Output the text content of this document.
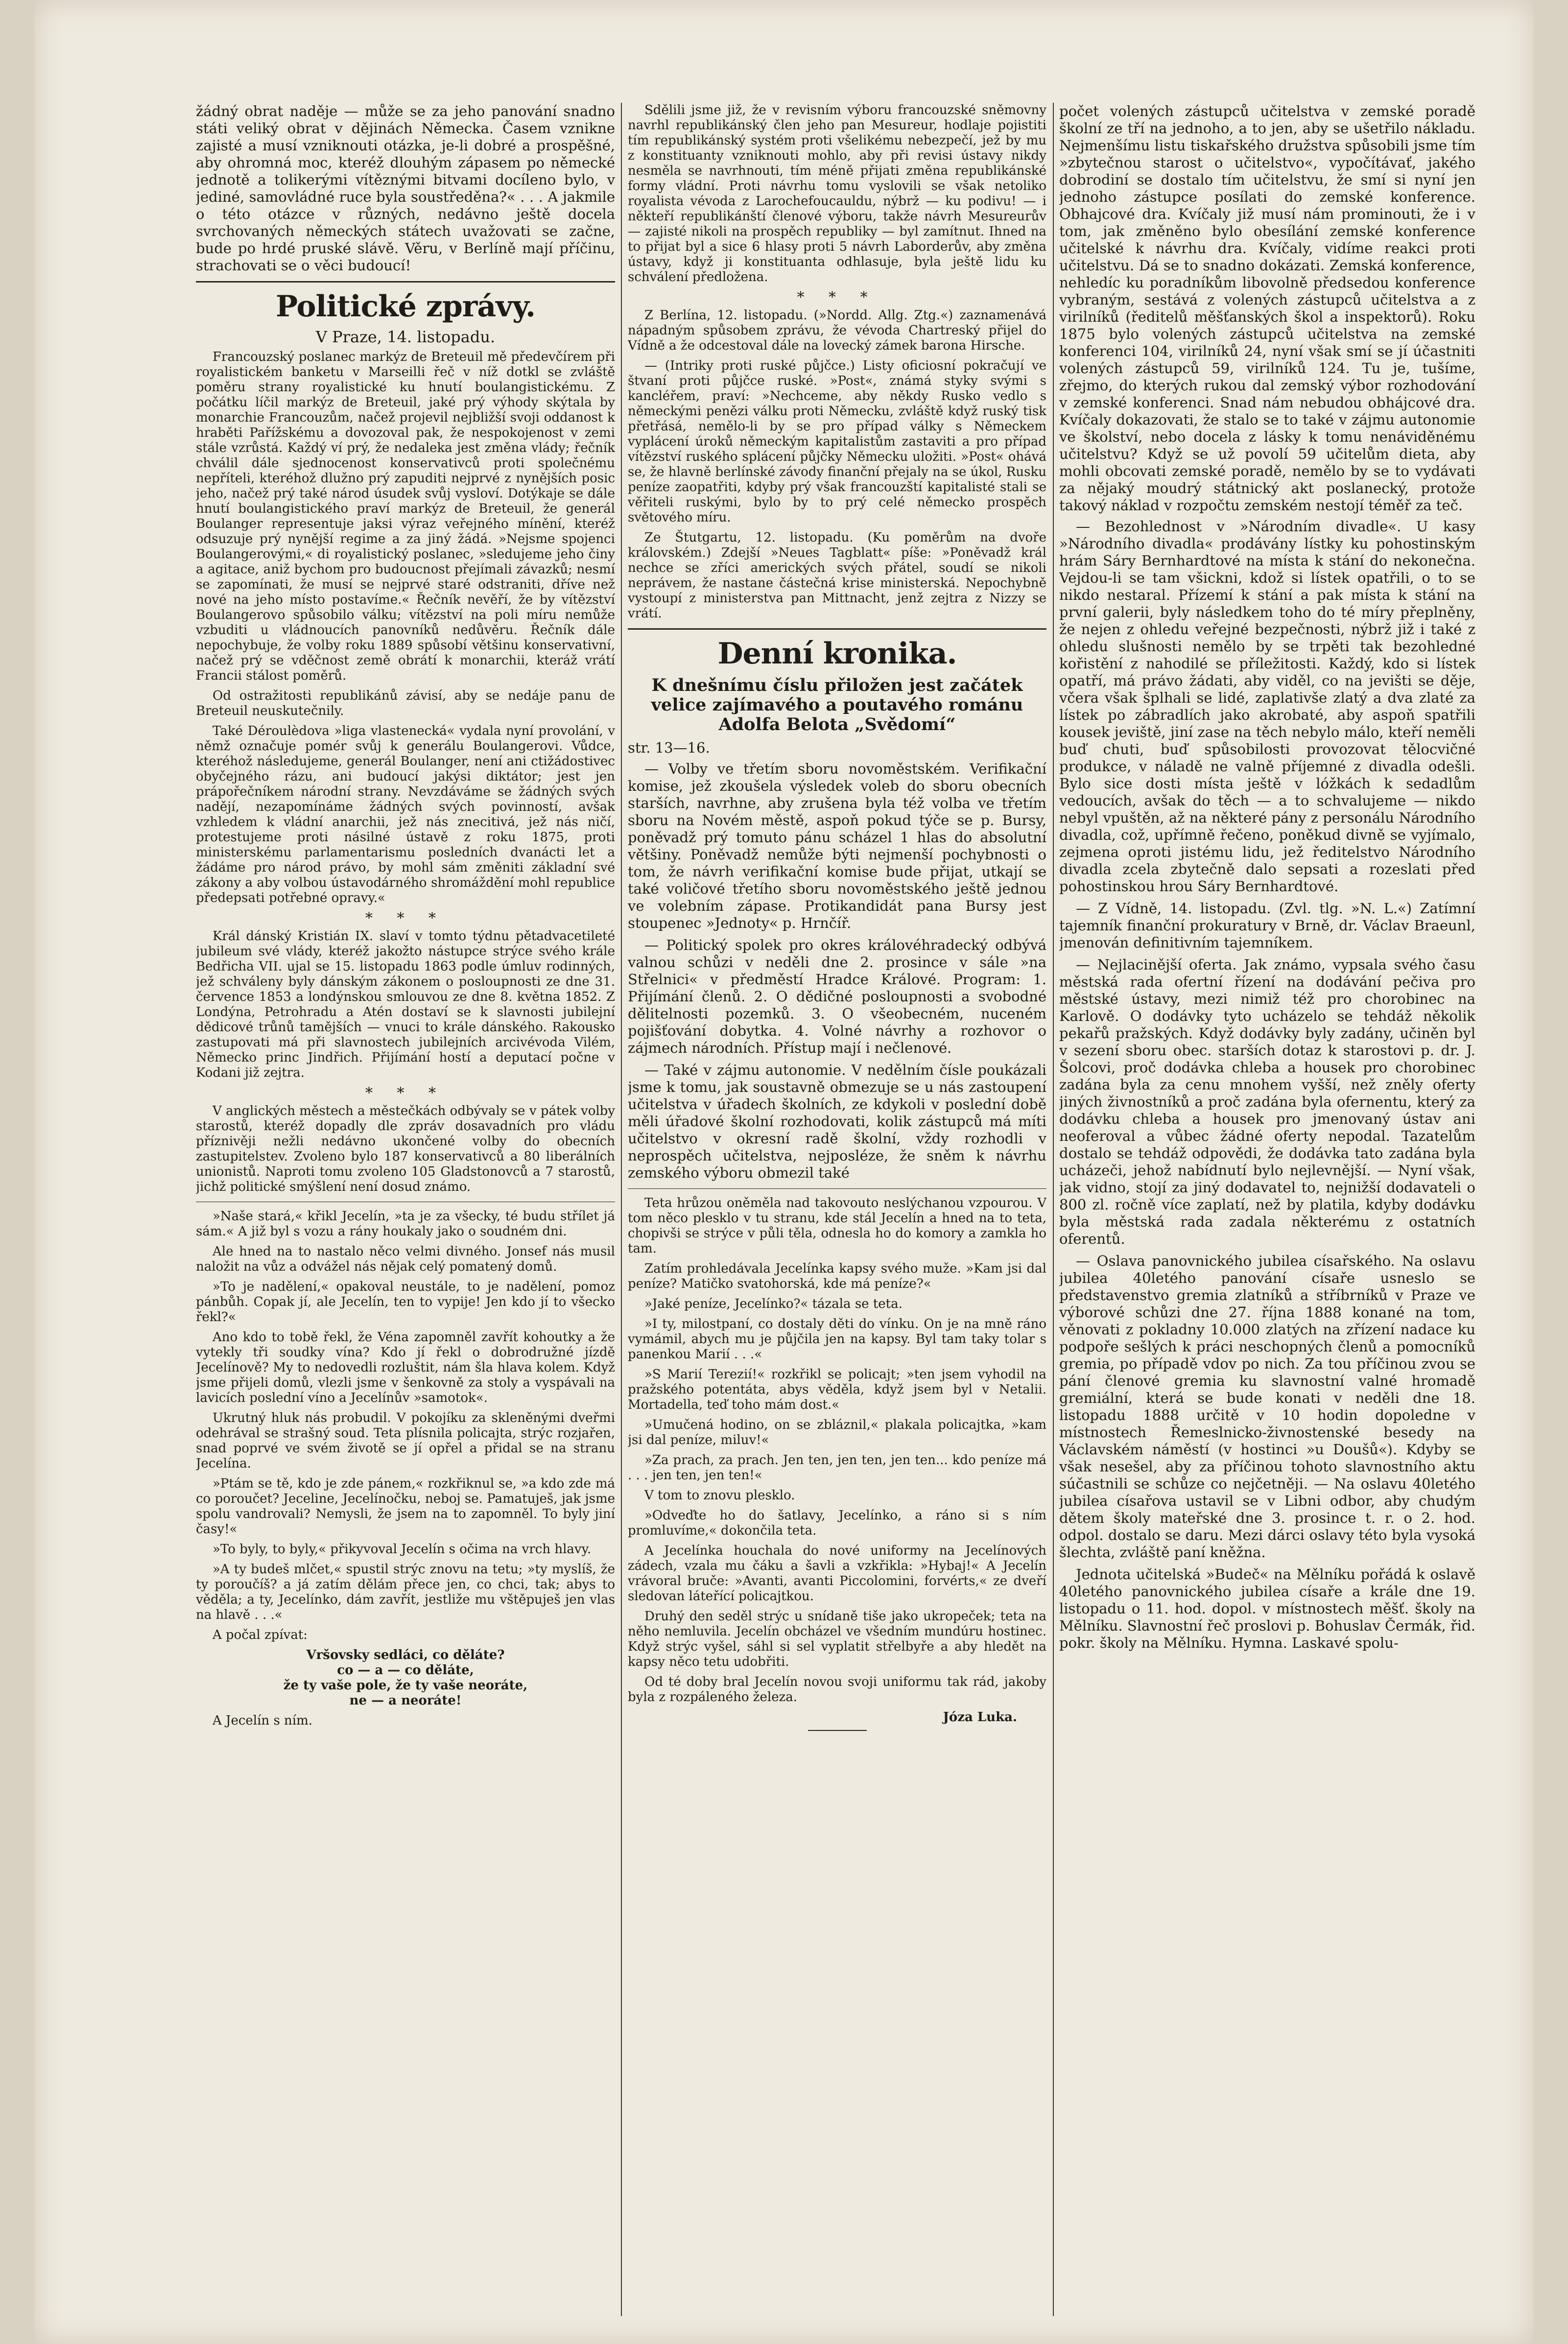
žádný obrat naděje — může se za jeho panování snadno státi veliký obrat v dějinách Německa. Časem vznikne zajisté a musí vzniknouti otázka, je-li dobré a prospěšné, aby ohromná moc, kteréž dlouhým zápasem po německé jednotě a tolikerými vítěznými bitvami docíleno bylo, v jediné, samovládné ruce byla soustředěna?« . . . A jakmile o této otázce v různých, nedávno ještě docela svrchovaných německých státech uvažovati se začne, bude po hrdé pruské slávě. Věru, v Berlíně mají příčinu, strachovati se o věci budoucí!

Politické zprávy.
V Praze, 14. listopadu.

Francouzský poslanec markýz de Breteuil mě předevčírem při royalistickém banketu v Marseilli řeč v níž dotkl se zvláště poměru strany royalistické ku hnutí boulangistickému. Z počátku líčil markýz de Breteuil, jaké prý výhody skýtala by monarchie Francouzům, načež projevil nejbližší svoji oddanost k hraběti Pařížskému a dovozoval pak, že nespokojenost v zemi stále vzrůstá. Každý ví prý, že nedaleka jest změna vlády; řečník chválil dále sjednocenost konservativců proti společnému nepříteli, kteréhož dlužno prý zapuditi nejprvé z nynějších posic jeho, načež prý také národ úsudek svůj vysloví. Dotýkaje se dále hnutí boulangistického praví markýz de Breteuil, že generál Boulanger representuje jaksi výraz veřejného mínění, kteréž odsuzuje prý nynější regime a za jiný žádá. »Nejsme spojenci Boulangerovými,« di royalistický poslanec, »sledujeme jeho činy a agitace, aniž bychom pro budoucnost přejímali závazků; nesmí se zapomínati, že musí se nejprvé staré odstraniti, dříve než nové na jeho místo postavíme.« Řečník nevěří, že by vítězství Boulangerovo spůsobilo válku; vítězství na poli míru nemůže vzbuditi u vládnoucích panovníků nedůvěru. Řečník dále nepochybuje, že volby roku 1889 spůsobí většinu konservativní, načež prý se vděčnost země obrátí k monarchii, kteráž vrátí Francii stálost poměrů.

Od ostražitosti republikánů závisí, aby se nedáje panu de Breteuil neuskutečnily.

Také Déroulèdova »liga vlastenecká« vydala nyní provolání, v němž označuje pomér svůj k generálu Boulangerovi. Vůdce, kteréhož následujeme, generál Boulanger, není ani ctižádostivec obyčejného rázu, ani budoucí jakýsi diktátor; jest jen prápořečníkem národní strany. Nevzdáváme se žádných svých nadějí, nezapomínáme žádných svých povinností, avšak vzhledem k vládní anarchii, jež nás znecitivá, jež nás ničí, protestujeme proti násilné ústavě z roku 1875, proti ministerskému parlamentarismu posledních dvanácti let a žádáme pro národ právo, by mohl sám změniti základní své zákony a aby volbou ústavodárného shromáždění mohl republice předepsati potřebné opravy.«

* * *

Král dánský Kristián IX. slaví v tomto týdnu pětadvacetileté jubileum své vlády, kteréž jakožto nástupce strýce svého krále Bedřicha VII. ujal se 15. listopadu 1863 podle úmluv rodinných, jež schváleny byly dánským zákonem o posloupnosti ze dne 31. července 1853 a londýnskou smlouvou ze dne 8. května 1852. Z Londýna, Petrohradu a Atén dostaví se k slavnosti jubilejní dědicové trůnů tamějších — vnuci to krále dánského. Rakousko zastupovati má při slavnostech jubilejních arcivévoda Vilém, Německo princ Jindřich. Přijímání hostí a deputací počne v Kodani již zejtra.

* * *

V anglických městech a městečkách odbývaly se v pátek volby starostů, kteréž dopadly dle zpráv dosavadních pro vládu příznivěji nežli nedávno ukončené volby do obecních zastupitelstev. Zvoleno bylo 187 konservativců a 80 liberálních unionistů. Naproti tomu zvoleno 105 Gladstonovců a 7 starostů, jichž politické smýšlení není dosud známo.

»Naše stará,« křikl Jecelín, »ta je za všecky, té budu střílet já sám.« A již byl s vozu a rány houkaly jako o soudném dni.

Ale hned na to nastalo něco velmi divného. Jonsef nás musil naložit na vůz a odvážel nás nějak celý pomatený domů.

»To je nadělení,« opakoval neustále, to je nadělení, pomoz pánbůh. Copak jí, ale Jecelín, ten to vypije! Jen kdo jí to všecko řekl?«

Ano kdo to tobě řekl, že Véna zapomněl zavřít kohoutky a že vytekly tři soudky vína? Kdo jí řekl o dobrodružné jízdě Jecelínově? My to nedovedli rozluštit, nám šla hlava kolem. Když jsme přijeli domů, vlezli jsme v šenkovně za stoly a vyspávali na lavicích poslední víno a Jecelínův »samotok«.

Ukrutný hluk nás probudil. V pokojíku za skleněnými dveřmi odehrával se strašný soud. Teta plísnila policajta, strýc rozjařen, snad poprvé ve svém životě se jí opřel a přidal se na stranu Jecelína.

»Ptám se tě, kdo je zde pánem,« rozkřiknul se, »a kdo zde má co poroučet? Jeceline, Jecelínočku, neboj se. Pamatuješ, jak jsme spolu vandrovali? Nemysli, že jsem na to zapomněl. To byly jiní časy!«

»To byly, to byly,« přikyvoval Jecelín s očima na vrch hlavy.

»A ty budeš mlčet,« spustil strýc znovu na tetu; »ty myslíš, že ty poroučíš? a já zatím dělám přece jen, co chci, tak; abys to věděla; a ty, Jecelínko, dám zavřít, jestliže mu vštěpuješ jen vlas na hlavě . . .«

A počal zpívat:

Vršovsky sedláci, co děláte?
co — a — co děláte,
že ty vaše pole, že ty vaše neoráte,
ne — a neoráte!

A Jecelín s ním.

Sdělili jsme již, že v revisním výboru francouzské sněmovny navrhl republikánský člen jeho pan Mesureur, hodlaje pojistiti tím republikánský systém proti všelikému nebezpečí, jež by mu z konstituanty vzniknouti mohlo, aby při revisi ústavy nikdy nesměla se navrhnouti, tím méně přijati změna republikánské formy vládní. Proti návrhu tomu vyslovili se však netoliko royalista vévoda z Larochefoucauldu, nýbrž — ku podivu! — i někteří republikánští členové výboru, takže návrh Mesureurův — zajisté nikoli na prospěch republiky — byl zamítnut. Ihned na to přijat byl a sice 6 hlasy proti 5 návrh Laborderův, aby změna ústavy, když ji konstituanta odhlasuje, byla ještě lidu ku schválení předložena.

* * *

Z Berlína, 12. listopadu. (»Nordd. Allg. Ztg.«) zaznamenává nápadným spůsobem zprávu, že vévoda Chartreský přijel do Vídně a že odcestoval dále na lovecký zámek barona Hirsche.

— (Intriky proti ruské půjčce.) Listy oficiosní pokračují ve štvaní proti půjčce ruské. »Post«, známá styky svými s kancléřem, praví: »Nechceme, aby někdy Rusko vedlo s německými penězi válku proti Německu, zvláště když ruský tisk přetřásá, nemělo-li by se pro případ války s Německem vyplácení úroků německým kapitalistům zastaviti a pro případ vítězství ruského splácení půjčky Německu uložiti. »Post« ohává se, že hlavně berlínské závody finanční přejaly na se úkol, Rusku peníze zaopatřiti, kdyby prý však francouzští kapitalisté stali se věřiteli ruskými, bylo by to prý celé německo prospěch světového míru.

Ze Štutgartu, 12. listopadu. (Ku poměrům na dvoře královském.) Zdejší »Neues Tagblatt« píše: »Poněvadž král nechce se zříci amerických svých přátel, soudí se nikoli neprávem, že nastane částečná krise ministerská. Nepochybně vystoupí z ministerstva pan Mittnacht, jenž zejtra z Nizzy se vrátí.

Denní kronika.
K dnešnímu číslu přiložen jest začátek velice zajímavého a poutavého románu Adolfa Belota „Svědomí“
str. 13—16.

— Volby ve třetím sboru novoměstském. Verifikační komise, jež zkoušela výsledek voleb do sboru obecních starších, navrhne, aby zrušena byla též volba ve třetím sboru na Novém městě, aspoň pokud týče se p. Bursy, poněvadž prý tomuto pánu scházel 1 hlas do absolutní většiny. Poněvadž nemůže býti nejmenší pochybnosti o tom, že návrh verifikační komise bude přijat, utkají se také voličové třetího sboru novoměstského ještě jednou ve volebním zápase. Protikandidát pana Bursy jest stoupenec »Jednoty« p. Hrnčíř.

— Politický spolek pro okres královéhradecký odbývá valnou schůzi v neděli dne 2. prosince v sále »na Střelnici« v předměstí Hradce Králové. Program: 1. Přijímání členů. 2. O dědičné posloupnosti a svobodné dělitelnosti pozemků. 3. O všeobecném, nuceném pojišťování dobytka. 4. Volné návrhy a rozhovor o zájmech národních. Přístup mají i nečlenové.

— Také v zájmu autonomie. V nedělním čísle poukázali jsme k tomu, jak soustavně obmezuje se u nás zastoupení učitelstva v úřadech školních, ze kdykoli v poslední době měli úřadové školní rozhodovati, kolik zástupců má míti učitelstvo v okresní radě školní, vždy rozhodli v neprospěch učitelstva, nejposléze, že sněm k návrhu zemského výboru obmezil také

Teta hrůzou oněměla nad takovouto neslýchanou vzpourou. V tom něco plesklo v tu stranu, kde stál Jecelín a hned na to teta, chopivši se strýce v půli těla, odnesla ho do komory a zamkla ho tam.

Zatím prohledávala Jecelínka kapsy svého muže. »Kam jsi dal peníze? Matičko svatohorská, kde má peníze?«

»Jaké peníze, Jecelínko?« tázala se teta.

»I ty, milostpaní, co dostaly děti do vínku. On je na mně ráno vymámil, abych mu je půjčila jen na kapsy. Byl tam taky tolar s panenkou Marií . . .«

»S Marií Terezií!« rozkřikl se policajt; »ten jsem vyhodil na pražského potentáta, abys věděla, když jsem byl v Netalii. Mortadella, teď toho mám dost.«

»Umučená hodino, on se zbláznil,« plakala policajtka, »kam jsi dal peníze, miluv!«

»Za prach, za prach. Jen ten, jen ten, jen ten... kdo peníze má . . . jen ten, jen ten!«

V tom to znovu plesklo.

»Odveďte ho do šatlavy, Jecelínko, a ráno si s ním promluvíme,« dokončila teta.

A Jecelínka houchala do nové uniformy na Jecelínových zádech, vzala mu čáku a šavli a vzkřikla: »Hybaj!« A Jecelín vrávoral bruče: »Avanti, avanti Piccolomini, forvérts,« ze dveří sledovan láteřící policajtkou.

Druhý den seděl strýc u snídaně tiše jako ukropeček; teta na něho nemluvila. Jecelín obcházel ve všedním mundúru hostinec. Když strýc vyšel, sáhl si sel vyplatit střelbyře a aby hledět na kapsy něco tetu udobřiti.

Od té doby bral Jecelín novou svoji uniformu tak rád, jakoby byla z rozpáleného železa.

Józa Luka.

počet volených zástupců učitelstva v zemské poradě školní ze tří na jednoho, a to jen, aby se ušetřilo nákladu. Nejmenšímu listu tiskařského družstva spůsobili jsme tím »zbytečnou starost o učitelstvo«, vypočítávať, jakého dobrodiní se dostalo tím učitelstvu, že smí si nyní jen jednoho zástupce posílati do zemské konference. Obhajcové dra. Kvíčaly již musí nám prominouti, že i v tom, jak změněno bylo obesílání zemské konference učitelské k návrhu dra. Kvíčaly, vidíme reakci proti učitelstvu. Dá se to snadno dokázati. Zemská konference, nehledíc ku poradníkům libovolně předsedou konference vybraným, sestává z volených zástupců učitelstva a z virilníků (ředitelů měšťanských škol a inspektorů). Roku 1875 bylo volených zástupců učitelstva na zemské konferenci 104, virilníků 24, nyní však smí se jí účastniti volených zástupců 59, virilníků 124. Tu je, tušíme, zřejmo, do kterých rukou dal zemský výbor rozhodování v zemské konferenci. Snad nám nebudou obhájcové dra. Kvíčaly dokazovati, že stalo se to také v zájmu autonomie ve školství, nebo docela z lásky k tomu nenáviděnému učitelstvu? Když se už povolí 59 učitelům dieta, aby mohli obcovati zemské poradě, nemělo by se to vydávati za nějaký moudrý státnický akt poslanecký, protože takový náklad v rozpočtu zemském nestojí téměř za teč.

— Bezohlednost v »Národním divadle«. U kasy »Národního divadla« prodávány lístky ku pohostinským hrám Sáry Bernhardtové na místa k stání do nekonečna. Vejdou-li se tam všickni, kdož si lístek opatřili, o to se nikdo nestaral. Přízemí k stání a pak místa k stání na první galerii, byly následkem toho do té míry přeplněny, že nejen z ohledu veřejné bezpečnosti, nýbrž již i také z ohledu slušnosti nemělo by se trpěti tak bezohledné kořistění z nahodilé se příležitosti. Každý, kdo si lístek opatří, má právo žádati, aby viděl, co na jevišti se děje, včera však šplhali se lidé, zaplativše zlatý a dva zlaté za lístek po zábradlích jako akrobaté, aby aspoň spatřili kousek jeviště, jiní zase na těch nebylo málo, kteří neměli buď chuti, buď spůsobilosti provozovat tělocvičné produkce, v náladě ne valně příjemné z divadla odešli. Bylo sice dosti místa ještě v lóžkách k sedadlům vedoucích, avšak do těch — a to schvalujeme — nikdo nebyl vpuštěn, až na některé pány z personálu Národního divadla, což, upřímně řečeno, poněkud divně se vyjímalo, zejmena oproti jistému lidu, jež ředitelstvo Národního divadla zcela zbytečně dalo sepsati a rozeslati před pohostinskou hrou Sáry Bernhardtové.

— Z Vídně, 14. listopadu. (Zvl. tlg. »N. L.«) Zatímní tajemník finanční prokuratury v Brně, dr. Václav Braeunl, jmenován definitivním tajemníkem.

— Nejlacinější oferta. Jak známo, vypsala svého času městská rada ofertní řízení na dodávání pečiva pro městské ústavy, mezi nimiž též pro chorobinec na Karlově. O dodávky tyto ucházelo se tehdáž několik pekařů pražských. Když dodávky byly zadány, učiněn byl v sezení sboru obec. starších dotaz k starostovi p. dr. J. Šolcovi, proč dodávka chleba a housek pro chorobinec zadána byla za cenu mnohem vyšší, než zněly oferty jiných živnostníků a proč zadána byla ofernentu, který za dodávku chleba a housek pro jmenovaný ústav ani neoferoval a vůbec žádné oferty nepodal. Tazatelům dostalo se tehdáž odpovědi, že dodávka tato zadána byla ucházeči, jehož nabídnutí bylo nejlevnější. — Nyní však, jak vidno, stojí za jiný dodavatel to, nejnižší dodavateli o 800 zl. ročně více zaplatí, než by platila, kdyby dodávku byla městská rada zadala některému z ostatních oferentů.

— Oslava panovnického jubilea císařského. Na oslavu jubilea 40letého panování císaře usneslo se představenstvo gremia zlatníků a stříbrníků v Praze ve výborové schůzi dne 27. října 1888 konané na tom, věnovati z pokladny 10.000 zlatých na zřízení nadace ku podpoře sešlých k práci neschopných členů a pomocníků gremia, po případě vdov po nich. Za tou příčinou zvou se pání členové gremia ku slavnostní valné hromadě gremiální, která se bude konati v neděli dne 18. listopadu 1888 určitě v 10 hodin dopoledne v místnostech Řemeslnicko-živnostenské besedy na Václavském náměstí (v hostinci »u Doušů«). Kdyby se však nesešel, aby za příčinou tohoto slavnostního aktu súčastnili se schůze co nejčetněji. — Na oslavu 40letého jubilea císařova ustavil se v Libni odbor, aby chudým dětem školy mateřské dne 3. prosince t. r. o 2. hod. odpol. dostalo se daru. Mezi dárci oslavy této byla vysoká šlechta, zvláště paní kněžna.

Jednota učitelská »Budeč« na Mělníku pořádá k oslavě 40letého panovnického jubilea císaře a krále dne 19. listopadu o 11. hod. dopol. v místnostech měšť. školy na Mělníku. Slavnostní řeč proslovi p. Bohuslav Čermák, řid. pokr. školy na Mělníku. Hymna. Laskavé spolu-
